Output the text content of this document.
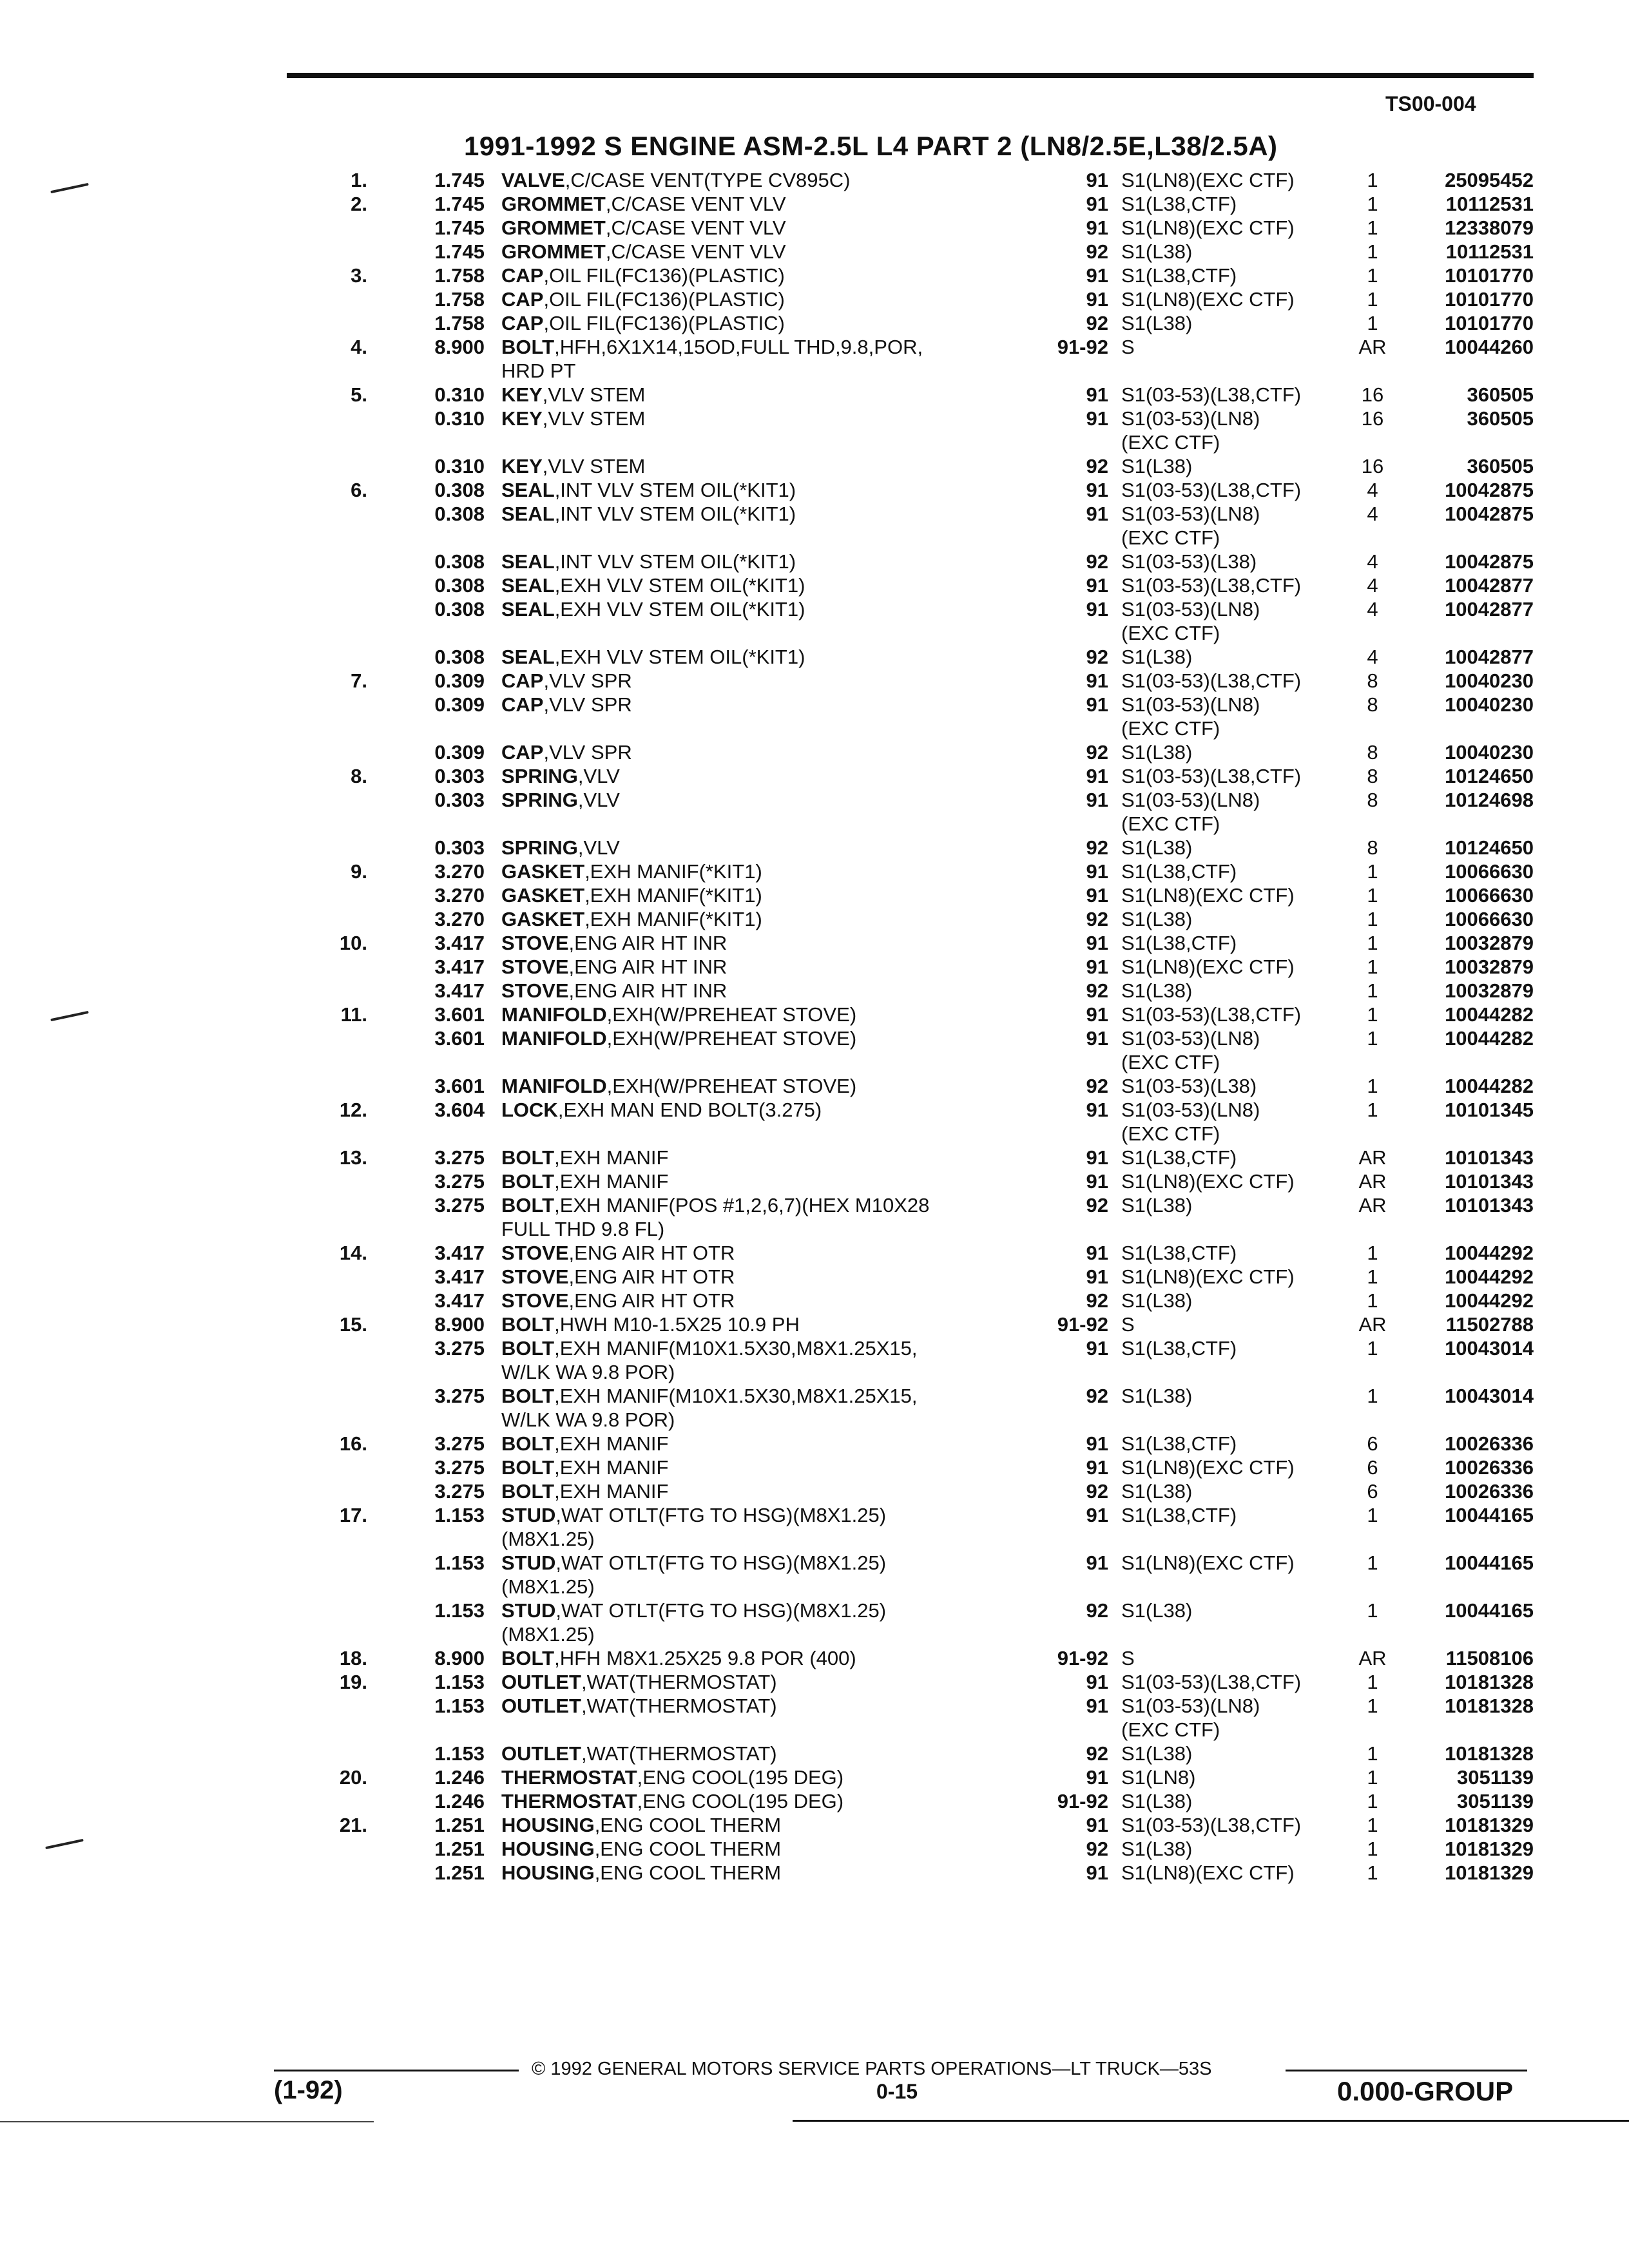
TS00-004
1991-1992 S ENGINE ASM-2.5L L4 PART 2 (LN8/2.5E,L38/2.5A)
1.	1.745 VALVE,C/CASE VENT(TYPE CV895C)	91 S1(LN8)(EXC CTF)	1	25095452
2.	1.745 GROMMET,C/CASE VENT VLV	91 S1(L38,CTF)	1	10112531
1.745 GROMMET,C/CASE VENT VLV	91 S1(LN8)(EXC CTF)	1	12338079
1.745 GROMMET,C/CASE VENT VLV	92 S1(L38)	1	10112531
3.	1.758 CAP,OIL FIL(FC136)(PLASTIC)	91 S1(L38,CTF)	1	10101770
1.758 CAP,OIL FIL(FC136)(PLASTIC)	91 S1(LN8)(EXC CTF)	1	10101770
1.758 CAP,OIL FIL(FC136)(PLASTIC)	92 S1(L38)	1	10101770
4.	8.900 BOLT,HFH,6X1X14,15OD,FULL THD,9.8,POR,	91-92 S	AR	10044260
HRD PT
5.	0.310 KEY,VLV STEM	91 S1(03-53)(L38,CTF)	16	360505
0.310 KEY,VLV STEM	91 S1(03-53)(LN8)	16	360505
(EXC CTF)
0.310 KEY,VLV STEM	92 S1(L38)	16	360505
6.	0.308 SEAL,INT VLV STEM OIL(*KIT1)	91 S1(03-53)(L38,CTF)	4	10042875
0.308 SEAL,INT VLV STEM OIL(*KIT1)	91 S1(03-53)(LN8)	4	10042875
(EXC CTF)
0.308 SEAL,INT VLV STEM OIL(*KIT1)	92 S1(03-53)(L38)	4	10042875
0.308 SEAL,EXH VLV STEM OIL(*KIT1)	91 S1(03-53)(L38,CTF)	4	10042877
0.308 SEAL,EXH VLV STEM OIL(*KIT1)	91 S1(03-53)(LN8)	4	10042877
(EXC CTF)
0.308 SEAL,EXH VLV STEM OIL(*KIT1)	92 S1(L38)	4	10042877
7.	0.309 CAP,VLV SPR	91 S1(03-53)(L38,CTF)	8	10040230
0.309 CAP,VLV SPR	91 S1(03-53)(LN8)	8	10040230
(EXC CTF)
0.309 CAP,VLV SPR	92 S1(L38)	8	10040230
8.	0.303 SPRING,VLV	91 S1(03-53)(L38,CTF)	8	10124650
0.303 SPRING,VLV	91 S1(03-53)(LN8)	8	10124698
(EXC CTF)
0.303 SPRING,VLV	92 S1(L38)	8	10124650
9.	3.270 GASKET,EXH MANIF(*KIT1)	91 S1(L38,CTF)	1	10066630
3.270 GASKET,EXH MANIF(*KIT1)	91 S1(LN8)(EXC CTF)	1	10066630
3.270 GASKET,EXH MANIF(*KIT1)	92 S1(L38)	1	10066630
10.	3.417 STOVE,ENG AIR HT INR	91 S1(L38,CTF)	1	10032879
3.417 STOVE,ENG AIR HT INR	91 S1(LN8)(EXC CTF)	1	10032879
3.417 STOVE,ENG AIR HT INR	92 S1(L38)	1	10032879
11.	3.601 MANIFOLD,EXH(W/PREHEAT STOVE)	91 S1(03-53)(L38,CTF)	1	10044282
3.601 MANIFOLD,EXH(W/PREHEAT STOVE)	91 S1(03-53)(LN8)	1	10044282
(EXC CTF)
3.601 MANIFOLD,EXH(W/PREHEAT STOVE)	92 S1(03-53)(L38)	1	10044282
12.	3.604 LOCK,EXH MAN END BOLT(3.275)	91 S1(03-53)(LN8)	1	10101345
(EXC CTF)
13.	3.275 BOLT,EXH MANIF	91 S1(L38,CTF)	AR	10101343
3.275 BOLT,EXH MANIF	91 S1(LN8)(EXC CTF)	AR	10101343
3.275 BOLT,EXH MANIF(POS #1,2,6,7)(HEX M10X28	92 S1(L38)	AR	10101343
FULL THD 9.8 FL)
14.	3.417 STOVE,ENG AIR HT OTR	91 S1(L38,CTF)	1	10044292
3.417 STOVE,ENG AIR HT OTR	91 S1(LN8)(EXC CTF)	1	10044292
3.417 STOVE,ENG AIR HT OTR	92 S1(L38)	1	10044292
15.	8.900 BOLT,HWH M10-1.5X25 10.9 PH	91-92 S	AR	11502788
3.275 BOLT,EXH MANIF(M10X1.5X30,M8X1.25X15,	91 S1(L38,CTF)	1	10043014
W/LK WA 9.8 POR)
3.275 BOLT,EXH MANIF(M10X1.5X30,M8X1.25X15,	92 S1(L38)	1	10043014
W/LK WA 9.8 POR)
16.	3.275 BOLT,EXH MANIF	91 S1(L38,CTF)	6	10026336
3.275 BOLT,EXH MANIF	91 S1(LN8)(EXC CTF)	6	10026336
3.275 BOLT,EXH MANIF	92 S1(L38)	6	10026336
17.	1.153 STUD,WAT OTLT(FTG TO HSG)(M8X1.25)	91 S1(L38,CTF)	1	10044165
(M8X1.25)
1.153 STUD,WAT OTLT(FTG TO HSG)(M8X1.25)	91 S1(LN8)(EXC CTF)	1	10044165
(M8X1.25)
1.153 STUD,WAT OTLT(FTG TO HSG)(M8X1.25)	92 S1(L38)	1	10044165
(M8X1.25)
18.	8.900 BOLT,HFH M8X1.25X25 9.8 POR (400)	91-92 S	AR	11508106
19.	1.153 OUTLET,WAT(THERMOSTAT)	91 S1(03-53)(L38,CTF)	1	10181328
1.153 OUTLET,WAT(THERMOSTAT)	91 S1(03-53)(LN8)	1	10181328
(EXC CTF)
1.153 OUTLET,WAT(THERMOSTAT)	92 S1(L38)	1	10181328
20.	1.246 THERMOSTAT,ENG COOL(195 DEG)	91 S1(LN8)	1	3051139
1.246 THERMOSTAT,ENG COOL(195 DEG)	91-92 S1(L38)	1	3051139
21.	1.251 HOUSING,ENG COOL THERM	91 S1(03-53)(L38,CTF)	1	10181329
1.251 HOUSING,ENG COOL THERM	92 S1(L38)	1	10181329
1.251 HOUSING,ENG COOL THERM	91 S1(LN8)(EXC CTF)	1	10181329
© 1992 GENERAL MOTORS SERVICE PARTS OPERATIONS—LT TRUCK—53S
(1-92)	0-15	0.000-GROUP
